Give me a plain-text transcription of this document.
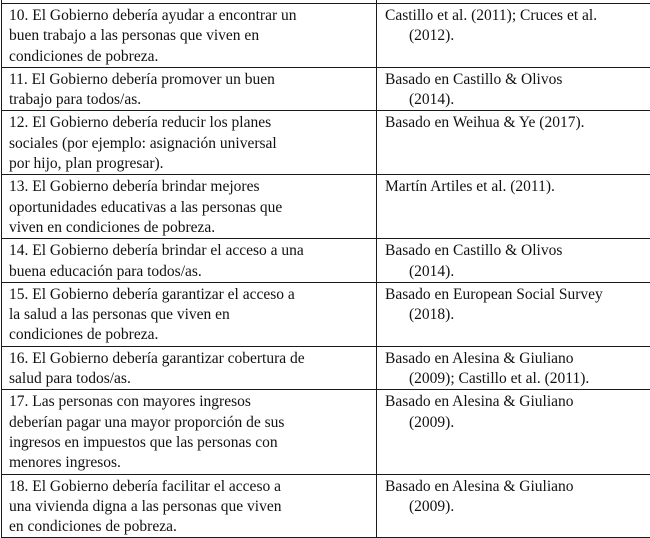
10. El Gobierno debería ayudar a encontrar un
buen trabajo a las personas que viven en
condiciones de pobreza.	Castillo et al. (2011); Cruces et al.
(2012).

11. El Gobierno debería promover un buen
trabajo para todos/as.	Basado en Castillo & Olivos
(2014).

12. El Gobierno debería reducir los planes
sociales (por ejemplo: asignación universal
por hijo, plan progresar).	Basado en Weihua & Ye (2017).

13. El Gobierno debería brindar mejores
oportunidades educativas a las personas que
viven en condiciones de pobreza.	Martín Artiles et al. (2011).

14. El Gobierno debería brindar el acceso a una
buena educación para todos/as.	Basado en Castillo & Olivos
(2014).

15. El Gobierno debería garantizar el acceso a
la salud a las personas que viven en
condiciones de pobreza.	Basado en European Social Survey
(2018).

16. El Gobierno debería garantizar cobertura de
salud para todos/as.	Basado en Alesina & Giuliano
(2009); Castillo et al. (2011).

17. Las personas con mayores ingresos
deberían pagar una mayor proporción de sus
ingresos en impuestos que las personas con
menores ingresos.	Basado en Alesina & Giuliano
(2009).

18. El Gobierno debería facilitar el acceso a
una vivienda digna a las personas que viven
en condiciones de pobreza.	Basado en Alesina & Giuliano
(2009).
